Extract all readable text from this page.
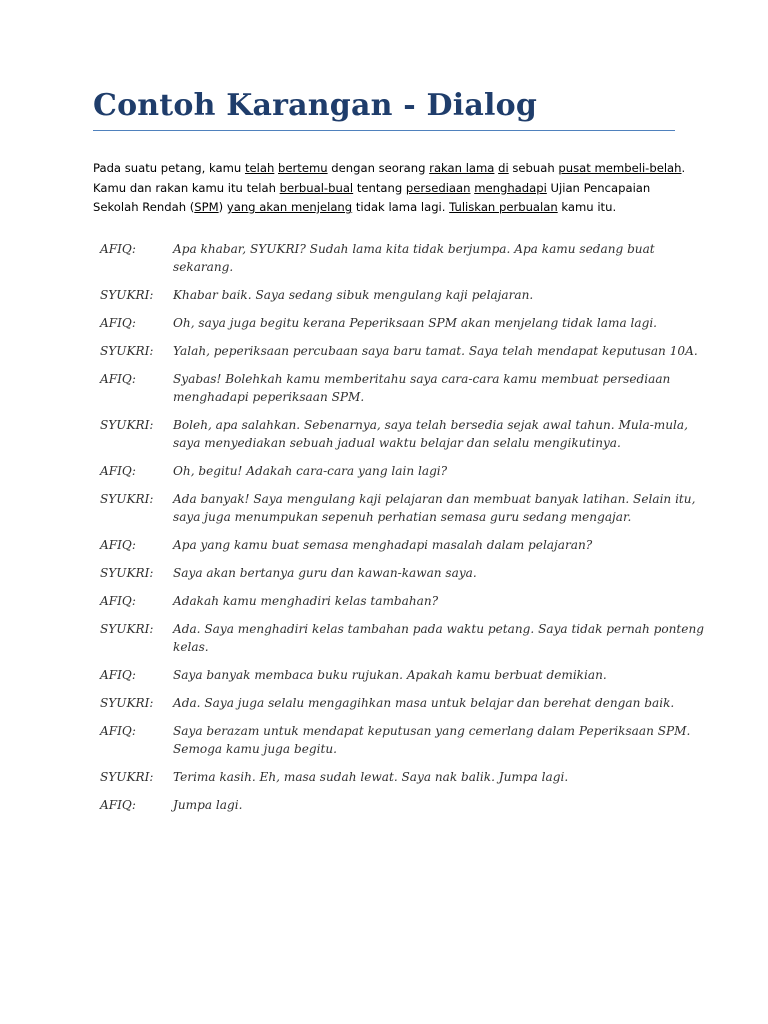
Contoh Karangan - Dialog

Pada suatu petang, kamu telah bertemu dengan seorang rakan lama di sebuah pusat membeli-belah. Kamu dan rakan kamu itu telah berbual-bual tentang persediaan menghadapi Ujian Pencapaian Sekolah Rendah (SPM) yang akan menjelang tidak lama lagi. Tuliskan perbualan kamu itu.

AFIQ:	Apa khabar, SYUKRI? Sudah lama kita tidak berjumpa. Apa kamu sedang buat sekarang.
SYUKRI:	Khabar baik. Saya sedang sibuk mengulang kaji pelajaran.
AFIQ:	Oh, saya juga begitu kerana Peperiksaan SPM akan menjelang tidak lama lagi.
SYUKRI:	Yalah, peperiksaan percubaan saya baru tamat. Saya telah mendapat keputusan 10A.
AFIQ:	Syabas! Bolehkah kamu memberitahu saya cara-cara kamu membuat persediaan menghadapi peperiksaan SPM.
SYUKRI:	Boleh, apa salahkan. Sebenarnya, saya telah bersedia sejak awal tahun. Mula-mula, saya menyediakan sebuah jadual waktu belajar dan selalu mengikutinya.
AFIQ:	Oh, begitu! Adakah cara-cara yang lain lagi?
SYUKRI:	Ada banyak! Saya mengulang kaji pelajaran dan membuat banyak latihan. Selain itu, saya juga menumpukan sepenuh perhatian semasa guru sedang mengajar.
AFIQ:	Apa yang kamu buat semasa menghadapi masalah dalam pelajaran?
SYUKRI:	Saya akan bertanya guru dan kawan-kawan saya.
AFIQ:	Adakah kamu menghadiri kelas tambahan?
SYUKRI:	Ada. Saya menghadiri kelas tambahan pada waktu petang. Saya tidak pernah ponteng kelas.
AFIQ:	Saya banyak membaca buku rujukan. Apakah kamu berbuat demikian.
SYUKRI:	Ada. Saya juga selalu mengagihkan masa untuk belajar dan berehat dengan baik.
AFIQ:	Saya berazam untuk mendapat keputusan yang cemerlang dalam Peperiksaan SPM. Semoga kamu juga begitu.
SYUKRI:	Terima kasih. Eh, masa sudah lewat. Saya nak balik. Jumpa lagi.
AFIQ:	Jumpa lagi.
